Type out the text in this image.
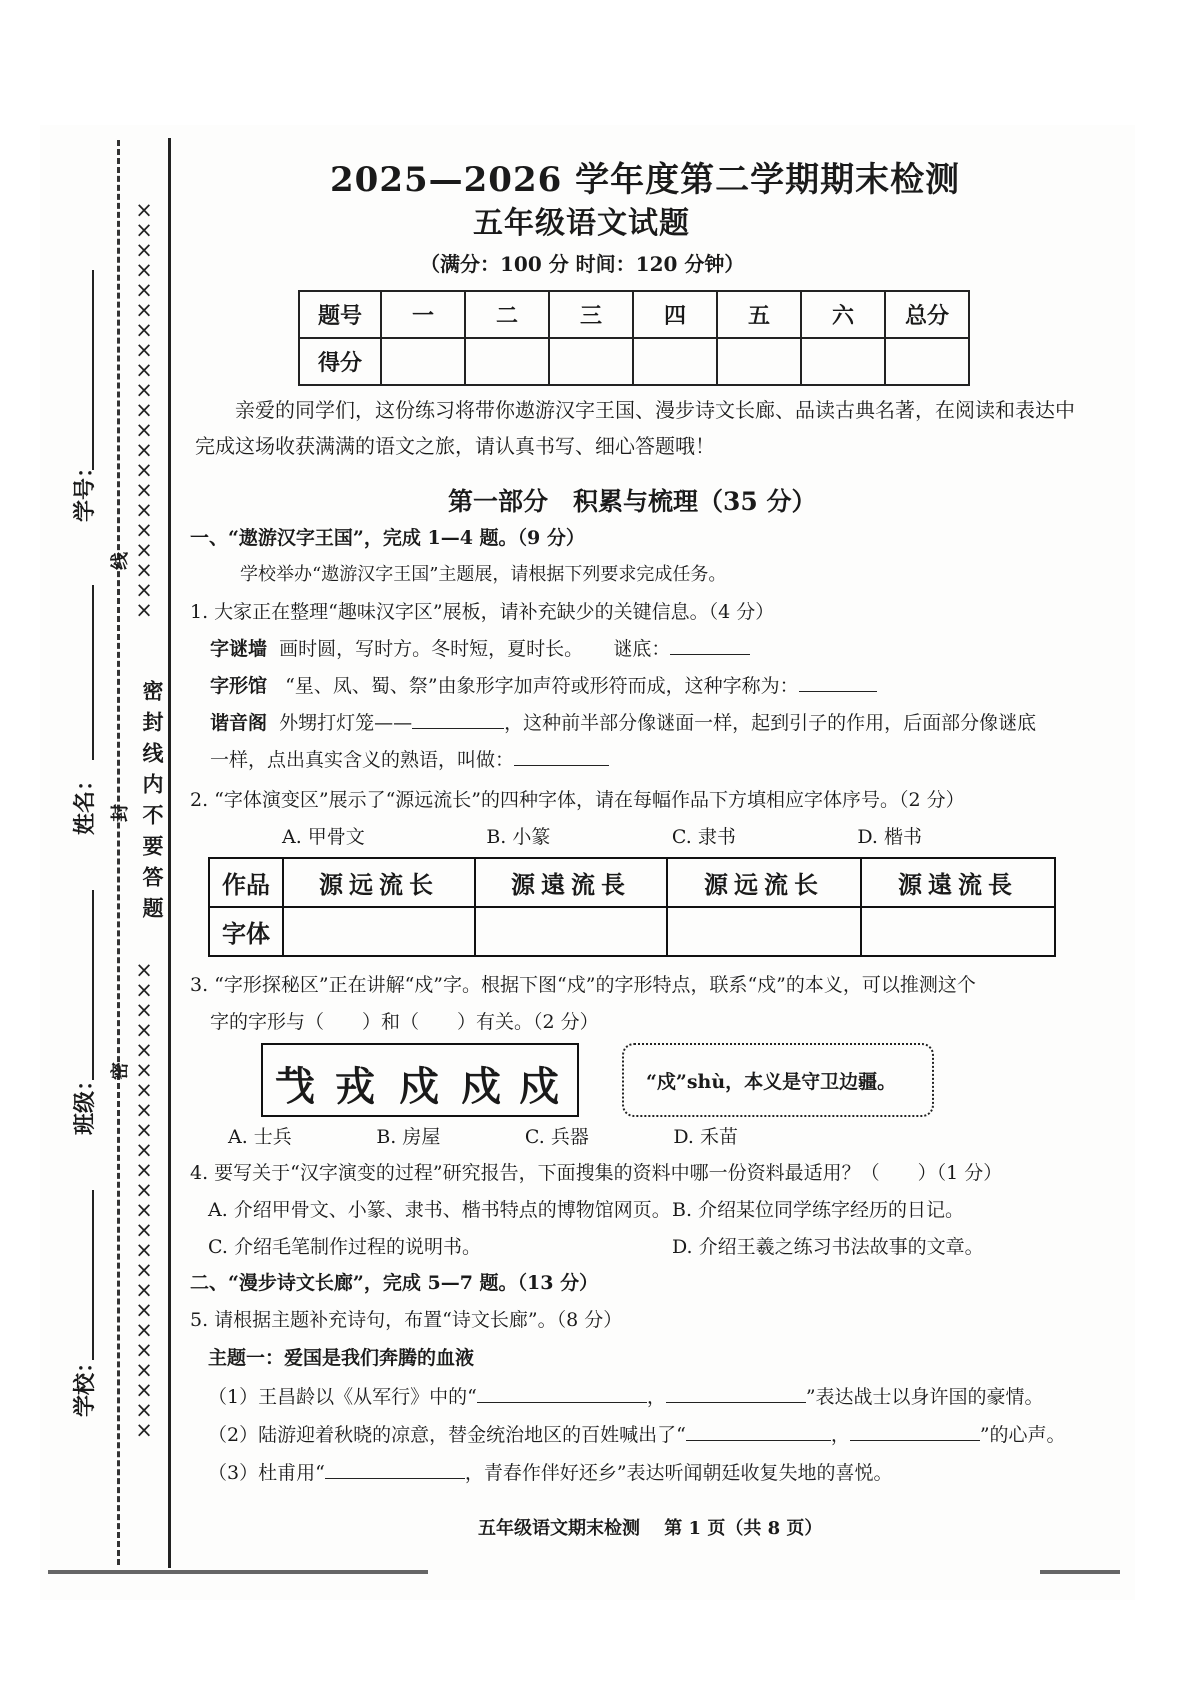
×××××××××××××××××××××
密封线内不要答题
××××××××××××××××××××××××
线
封
密
2025—2026 学年度第二学期期末检测
五年级语文试题
（满分：100 分 时间：120 分钟）
题号	一	二	三	四	五	六	总分
得分							
亲爱的同学们，这份练习将带你遨游汉字王国、漫步诗文长廊、品读古典名著，在阅读和表达中完成这场收获满满的语文之旅，请认真书写、细心答题哦！
第一部分　积累与梳理（35 分）
一、“遨游汉字王国”，完成 1—4 题。（9 分）
学校举办“遨游汉字王国”主题展，请根据下列要求完成任务。
1. 大家正在整理“趣味汉字区”展板，请补充缺少的关键信息。（4 分）
字谜墙 画时圆，写时方。冬时短，夏时长。 谜底：
字形馆 “星、凤、蜀、祭”由象形字加声符或形符而成，这种字称为：
谐音阁 外甥打灯笼——	，这种前半部分像谜面一样，起到引子的作用，后面部分像谜底
一样，点出真实含义的熟语，叫做：
2. “字体演变区”展示了“源远流长”的四种字体，请在每幅作品下方填相应字体序号。（2 分）
A. 甲骨文	B. 小篆	C. 隶书	D. 楷书
作品	源远流长	源遠流長	源远流长	源遠流長
字体				
3. “字形探秘区”正在讲解“戍”字。根据下图“戍”的字形特点，联系“戍”的本义，可以推测这个
字的字形与（　　）和（　　）有关。（2 分）
𢦏 戎 戍 戍 戍	“戍”shù，本义是守卫边疆。
A. 士兵	B. 房屋	C. 兵器	D. 禾苗
4. 要写关于“汉字演变的过程”研究报告，下面搜集的资料中哪一份资料最适用？（　　）（1 分）
A. 介绍甲骨文、小篆、隶书、楷书特点的博物馆网页。 B. 介绍某位同学练字经历的日记。
C. 介绍毛笔制作过程的说明书。	D. 介绍王羲之练习书法故事的文章。
二、“漫步诗文长廊”，完成 5—7 题。（13 分）
5. 请根据主题补充诗句，布置“诗文长廊”。（8 分）
主题一：爱国是我们奔腾的血液
（1）王昌龄以《从军行》中的“	，	”表达战士以身许国的豪情。
（2）陆游迎着秋晓的凉意，替金统治地区的百姓喊出了“	，	”的心声。
（3）杜甫用“	，青春作伴好还乡”表达听闻朝廷收复失地的喜悦。
五年级语文期末检测　 第 1 页（共 8 页）
